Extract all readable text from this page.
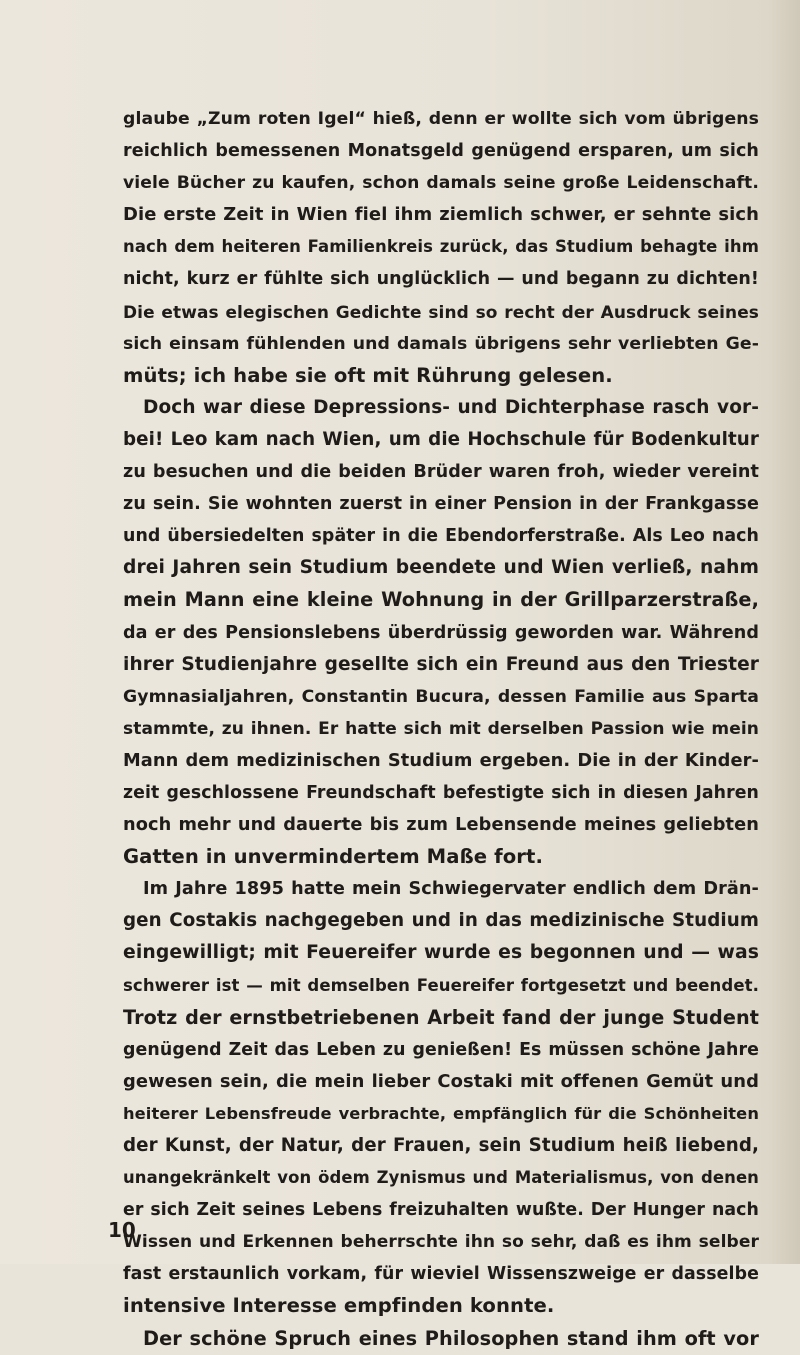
glaube „Zum roten Igel“ hieß, denn er wollte sich vom übrigens
reichlich bemessenen Monatsgeld genügend ersparen, um sich
viele Bücher zu kaufen, schon damals seine große Leidenschaft.
Die erste Zeit in Wien fiel ihm ziemlich schwer, er sehnte sich
nach dem heiteren Familienkreis zurück, das Studium behagte ihm
nicht, kurz er fühlte sich unglücklich — und begann zu dichten!
Die etwas elegischen Gedichte sind so recht der Ausdruck seines
sich einsam fühlenden und damals übrigens sehr verliebten Ge-
müts; ich habe sie oft mit Rührung gelesen.
Doch war diese Depressions- und Dichterphase rasch vor-
bei! Leo kam nach Wien, um die Hochschule für Bodenkultur
zu besuchen und die beiden Brüder waren froh, wieder vereint
zu sein. Sie wohnten zuerst in einer Pension in der Frankgasse
und übersiedelten später in die Ebendorferstraße. Als Leo nach
drei Jahren sein Studium beendete und Wien verließ, nahm
mein Mann eine kleine Wohnung in der Grillparzerstraße,
da er des Pensionslebens überdrüssig geworden war. Während
ihrer Studienjahre gesellte sich ein Freund aus den Triester
Gymnasialjahren, Constantin Bucura, dessen Familie aus Sparta
stammte, zu ihnen. Er hatte sich mit derselben Passion wie mein
Mann dem medizinischen Studium ergeben. Die in der Kinder-
zeit geschlossene Freundschaft befestigte sich in diesen Jahren
noch mehr und dauerte bis zum Lebensende meines geliebten
Gatten in unvermindertem Maße fort.
Im Jahre 1895 hatte mein Schwiegervater endlich dem Drän-
gen Costakis nachgegeben und in das medizinische Studium
eingewilligt; mit Feuereifer wurde es begonnen und — was
schwerer ist — mit demselben Feuereifer fortgesetzt und beendet.
Trotz der ernstbetriebenen Arbeit fand der junge Student
genügend Zeit das Leben zu genießen! Es müssen schöne Jahre
gewesen sein, die mein lieber Costaki mit offenen Gemüt und
heiterer Lebensfreude verbrachte, empfänglich für die Schönheiten
der Kunst, der Natur, der Frauen, sein Studium heiß liebend,
unangekränkelt von ödem Zynismus und Materialismus, von denen
er sich Zeit seines Lebens freizuhalten wußte. Der Hunger nach
Wissen und Erkennen beherrschte ihn so sehr, daß es ihm selber
fast erstaunlich vorkam, für wieviel Wissenszweige er dasselbe
intensive Interesse empfinden konnte.
Der schöne Spruch eines Philosophen stand ihm oft vor
10
